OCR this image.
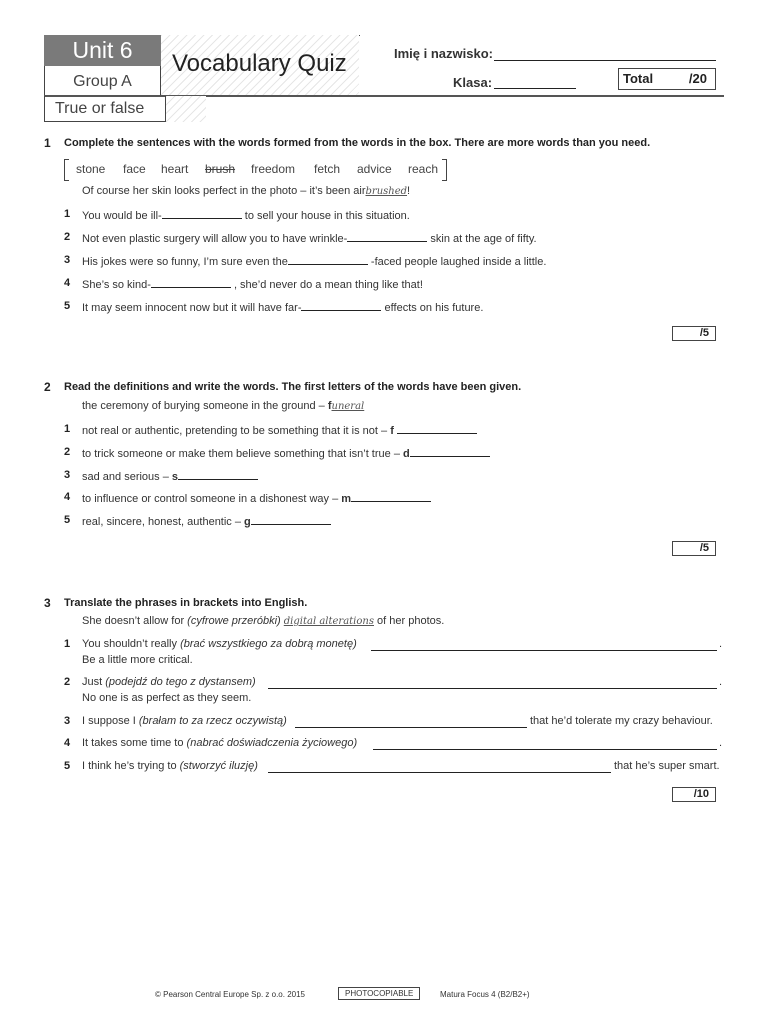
Unit 6
Group A
Vocabulary Quiz
True or false
Imię i nazwisko:
Klasa:	Total	/20
1 Complete the sentences with the words formed from the words in the box. There are more words than you need.
stone face heart brush freedom fetch advice reach
Of course her skin looks perfect in the photo – it’s been airbrushed!
1 You would be ill-	to sell your house in this situation.
2 Not even plastic surgery will allow you to have wrinkle-	skin at the age of fifty.
3 His jokes were so funny, I’m sure even the	-faced people laughed inside a little.
4 She’s so kind-	, she’d never do a mean thing like that!
5 It may seem innocent now but it will have far-	effects on his future.
/5
2 Read the definitions and write the words. The first letters of the words have been given.
the ceremony of burying someone in the ground – funeral
1 not real or authentic, pretending to be something that it is not – f
2 to trick someone or make them believe something that isn’t true – d
3 sad and serious – s
4 to influence or control someone in a dishonest way – m
5 real, sincere, honest, authentic – g
/5
3 Translate the phrases in brackets into English.
She doesn’t allow for (cyfrowe przeróbki) digital alterations of her photos.
1 You shouldn’t really (brać wszystkiego za dobrą monetę)	.
Be a little more critical.
2 Just (podejdź do tego z dystansem)	.
No one is as perfect as they seem.
3 I suppose I (brałam to za rzecz oczywistą)	that he’d tolerate my crazy behaviour.
4 It takes some time to (nabrać doświadczenia życiowego)	.
5 I think he’s trying to (stworzyć iluzję)	that he’s super smart.
/10
© Pearson Central Europe Sp. z o.o. 2015	PHOTOCOPIABLE	Matura Focus 4 (B2/B2+)
